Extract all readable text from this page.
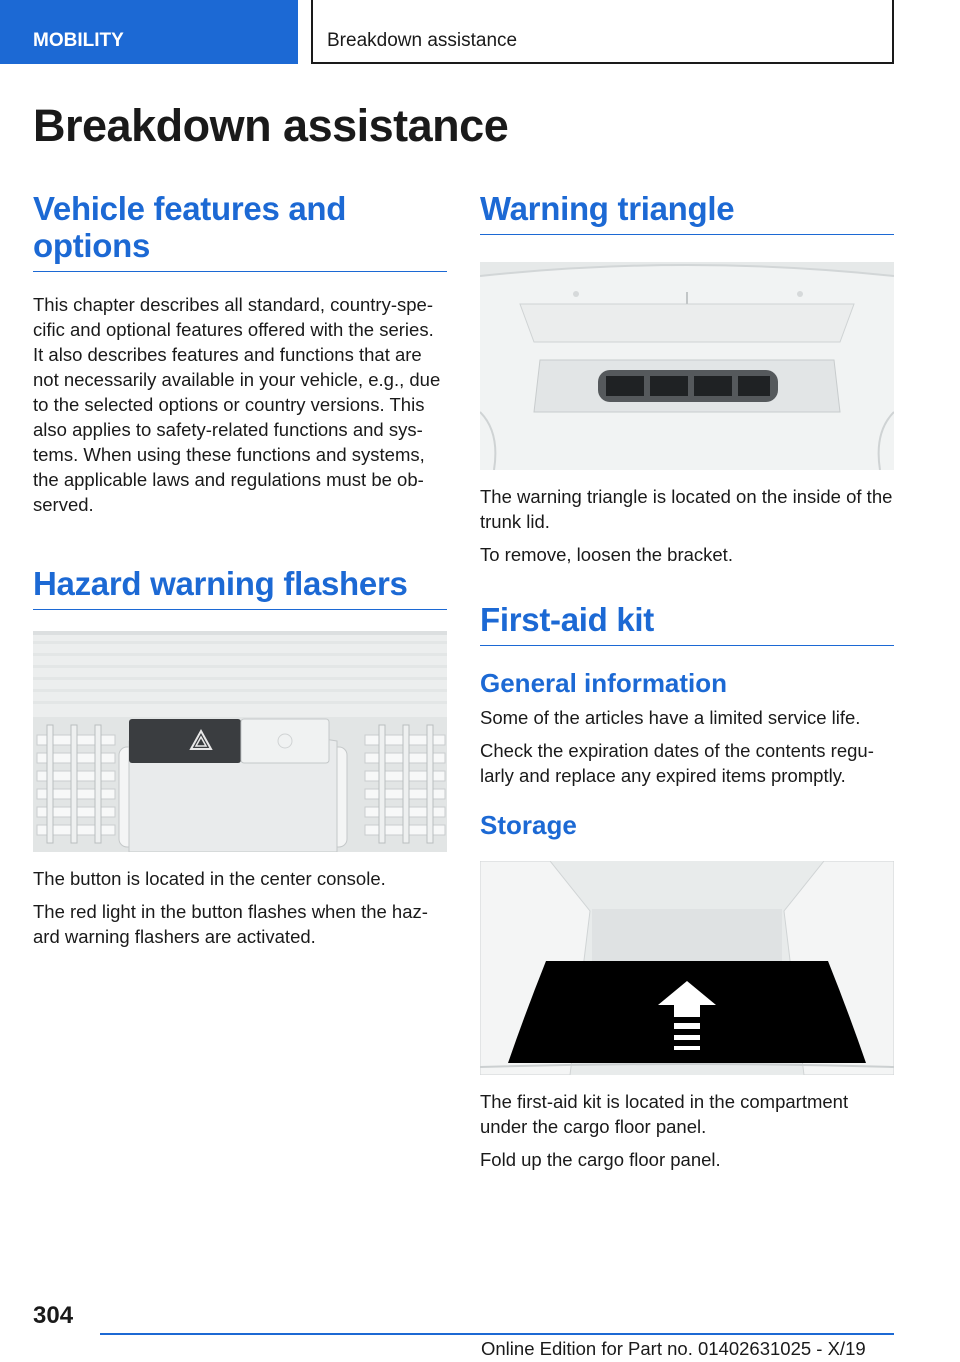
MOBILITY	Breakdown assistance
Breakdown assistance
Vehicle features and options

This chapter describes all standard, country-spe-cific and optional features offered with the series. It also describes features and functions that are not necessarily available in your vehicle, e.g., due to the selected options or country versions. This also applies to safety-related functions and sys-tems. When using these functions and systems, the applicable laws and regulations must be ob-served.

Hazard warning flashers

The button is located in the center console.

The red light in the button flashes when the haz-ard warning flashers are activated.

Warning triangle

The warning triangle is located on the inside of the trunk lid.

To remove, loosen the bracket.

First-aid kit
General information

Some of the articles have a limited service life.

Check the expiration dates of the contents regu-larly and replace any expired items promptly.

Storage

The first-aid kit is located in the compartment under the cargo floor panel.

Fold up the cargo floor panel.

304
Online Edition for Part no. 01402631025 - X/19
